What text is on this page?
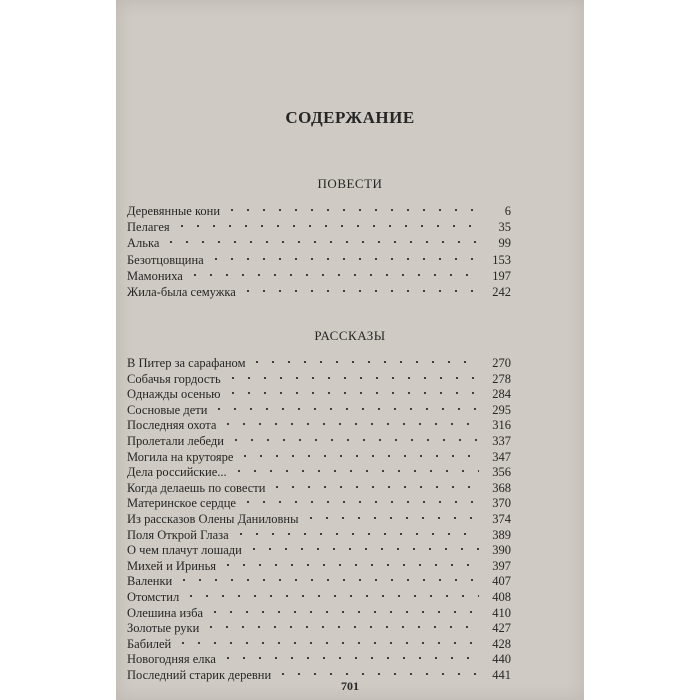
СОДЕРЖАНИЕ
ПОВЕСТИ
Деревянные кони	6
Пелагея	35
Алька	99
Безотцовщина	153
Мамониха	197
Жила-была семужка	242
РАССКАЗЫ
В Питер за сарафаном	270
Собачья гордость	278
Однажды осенью	284
Сосновые дети	295
Последняя охота	316
Пролетали лебеди	337
Могила на крутояре	347
Дела российские...	356
Когда делаешь по совести	368
Материнское сердце	370
Из рассказов Олены Даниловны	374
Поля Открой Глаза	389
О чем плачут лошади	390
Михей и Иринья	397
Валенки	407
Отомстил	408
Олешина изба	410
Золотые руки	427
Бабилей	428
Новогодняя елка	440
Последний старик деревни	441
701
